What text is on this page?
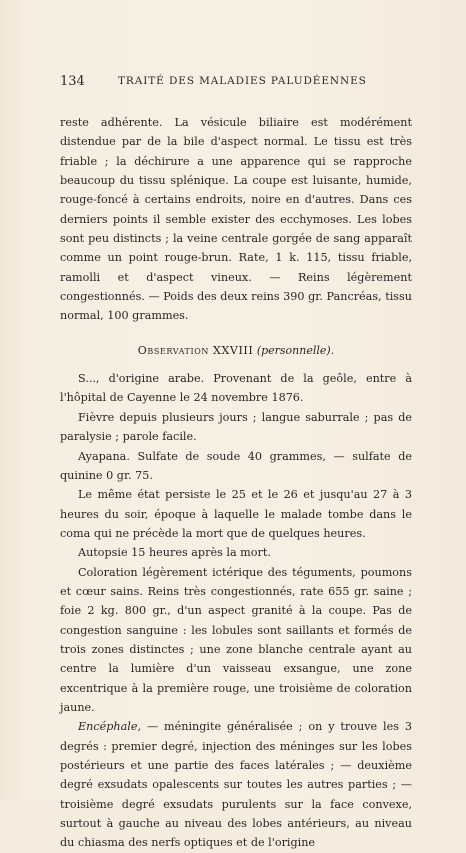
134	TRAITÉ DES MALADIES PALUDÉENNES

reste adhérente. La vésicule biliaire est modérément distendue par de la bile d'aspect normal. Le tissu est très friable ; la déchirure a une apparence qui se rapproche beaucoup du tissu splénique. La coupe est luisante, humide, rouge-foncé à certains endroits, noire en d'autres. Dans ces derniers points il semble exister des ecchymoses. Les lobes sont peu distincts ; la veine centrale gorgée de sang apparaît comme un point rouge-brun. Rate, 1 k. 115, tissu friable, ramolli et d'aspect vineux. — Reins légèrement congestionnés. — Poids des deux reins 390 gr. Pancréas, tissu normal, 100 grammes.

Observation XXVIII (personnelle).

S..., d'origine arabe. Provenant de la geôle, entre à l'hôpital de Cayenne le 24 novembre 1876.

Fièvre depuis plusieurs jours ; langue saburrale ; pas de paralysie ; parole facile.

Ayapana. Sulfate de soude 40 grammes, — sulfate de quinine 0 gr. 75.

Le même état persiste le 25 et le 26 et jusqu'au 27 à 3 heures du soir, époque à laquelle le malade tombe dans le coma qui ne précède la mort que de quelques heures.

Autopsie 15 heures après la mort.

Coloration légèrement ictérique des téguments, poumons et cœur sains. Reins très congestionnés, rate 655 gr. saine ; foie 2 kg. 800 gr., d'un aspect granité à la coupe. Pas de congestion sanguine : les lobules sont saillants et formés de trois zones distinctes ; une zone blanche centrale ayant au centre la lumière d'un vaisseau exsangue, une zone excentrique à la première rouge, une troisième de coloration jaune.

Encéphale, — méningite généralisée ; on y trouve les 3 degrés : premier degré, injection des méninges sur les lobes postérieurs et une partie des faces latérales ; — deuxième degré exsudats opalescents sur toutes les autres parties ; — troisième degré exsudats purulents sur la face convexe, surtout à gauche au niveau des lobes antérieurs, au niveau du chiasma des nerfs optiques et de l'origine
